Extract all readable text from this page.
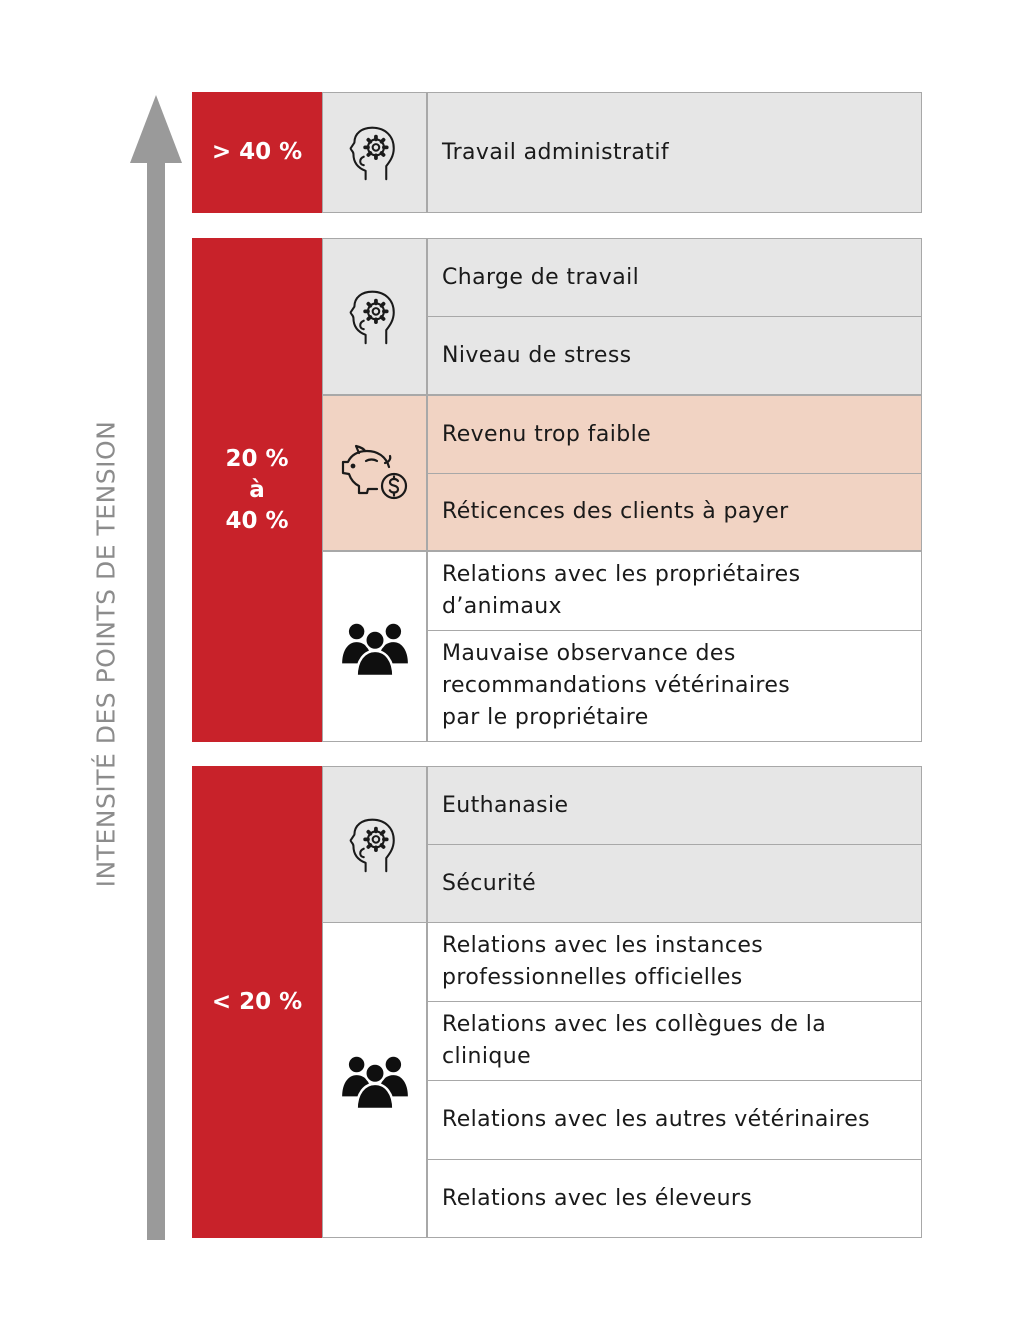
INTENSITÉ DES POINTS DE TENSION
> 40 %	Travail administratif
20 %
à
40 %
Charge de travail
Niveau de stress
Revenu trop faible
Réticences des clients à payer
Relations avec les propriétaires
d’animaux
Mauvaise observance des
recommandations vétérinaires
par le propriétaire
< 20 %
Euthanasie
Sécurité
Relations avec les instances
professionnelles officielles
Relations avec les collègues de la
clinique
Relations avec les autres vétérinaires
Relations avec les éleveurs
